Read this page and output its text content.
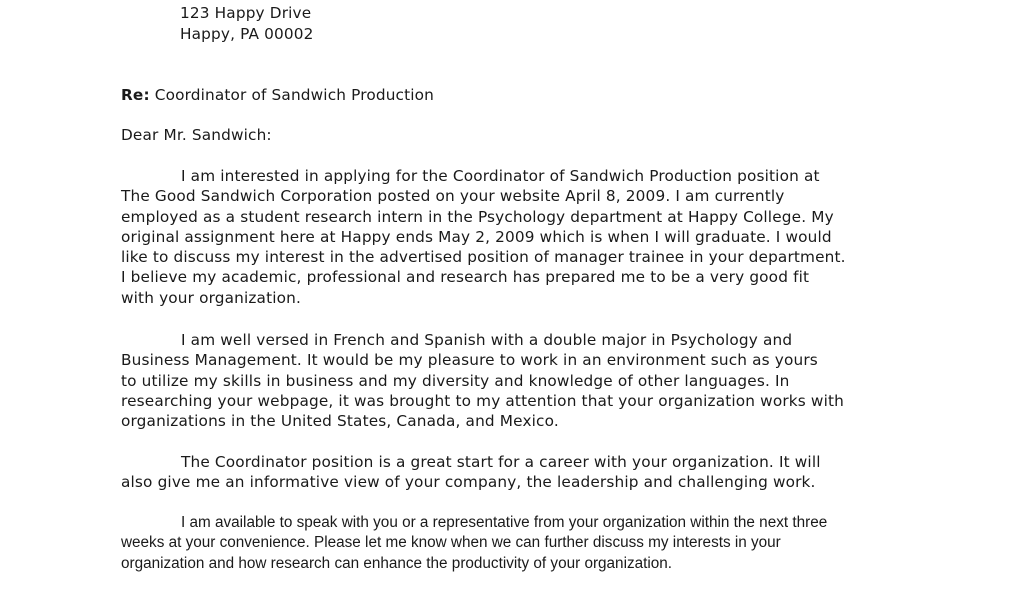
123 Happy Drive
Happy, PA 00002
Re: Coordinator of Sandwich Production
Dear Mr. Sandwich:
I am interested in applying for the Coordinator of Sandwich Production position at
The Good Sandwich Corporation posted on your website April 8, 2009. I am currently
employed as a student research intern in the Psychology department at Happy College. My
original assignment here at Happy ends May 2, 2009 which is when I will graduate. I would
like to discuss my interest in the advertised position of manager trainee in your department.
I believe my academic, professional and research has prepared me to be a very good fit
with your organization.
I am well versed in French and Spanish with a double major in Psychology and
Business Management. It would be my pleasure to work in an environment such as yours
to utilize my skills in business and my diversity and knowledge of other languages. In
researching your webpage, it was brought to my attention that your organization works with
organizations in the United States, Canada, and Mexico.
The Coordinator position is a great start for a career with your organization. It will
also give me an informative view of your company, the leadership and challenging work.
I am available to speak with you or a representative from your organization within the next three
weeks at your convenience. Please let me know when we can further discuss my interests in your
organization and how research can enhance the productivity of your organization.
